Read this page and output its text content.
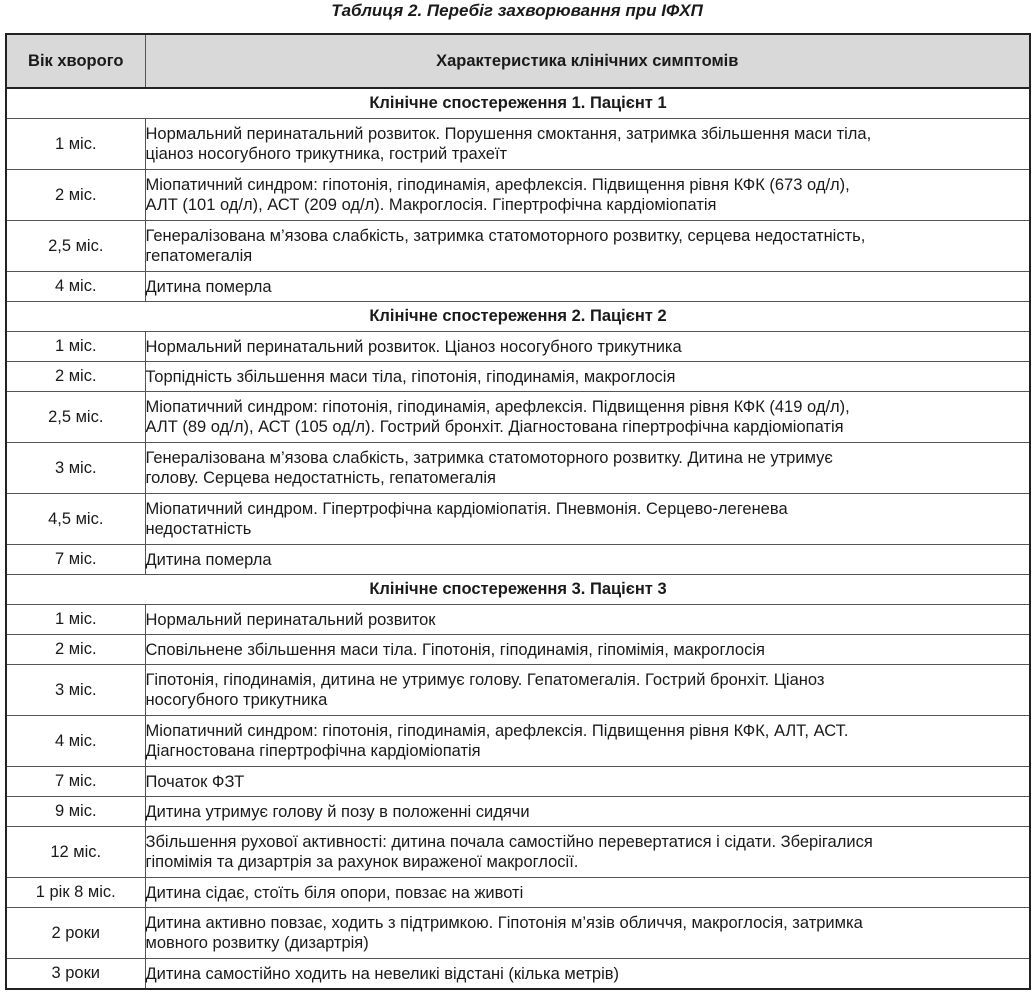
Таблиця 2. Перебіг захворювання при ІФХП
Вік хворого	Характеристика клінічних симптомів
Клінічне спостереження 1. Пацієнт 1	
1 міс.	Нормальний перинатальний розвиток. Порушення смоктання, затримка збільшення маси тіла,
ціаноз носогубного трикутника, гострий трахеїт

2 міс.	Міопатичний синдром: гіпотонія, гіподинамія, арефлексія. Підвищення рівня КФК (673 од/л),
АЛТ (101 од/л), АСТ (209 од/л). Макроглосія. Гіпертрофічна кардіоміопатія

2,5 міс.	Генералізована м’язова слабкість, затримка статомоторного розвитку, серцева недостатність,
гепатомегалія

4 міс.	Дитина померла

Клінічне спостереження 2. Пацієнт 2	
1 міс.	Нормальний перинатальний розвиток. Ціаноз носогубного трикутника

2 міс.	Торпідність збільшення маси тіла, гіпотонія, гіподинамія, макроглосія

2,5 міс.	Міопатичний синдром: гіпотонія, гіподинамія, арефлексія. Підвищення рівня КФК (419 од/л),
АЛТ (89 од/л), АСТ (105 од/л). Гострий бронхіт. Діагностована гіпертрофічна кардіоміопатія

3 міс.	Генералізована м’язова слабкість, затримка статомоторного розвитку. Дитина не утримує
голову. Серцева недостатність, гепатомегалія

4,5 міс.	Міопатичний синдром. Гіпертрофічна кардіоміопатія. Пневмонія. Серцево-легенева
недостатність

7 міс.	Дитина померла

Клінічне спостереження 3. Пацієнт 3	
1 міс.	Нормальний перинатальний розвиток

2 міс.	Сповільнене збільшення маси тіла. Гіпотонія, гіподинамія, гіпомімія, макроглосія

3 міс.	Гіпотонія, гіподинамія, дитина не утримує голову. Гепатомегалія. Гострий бронхіт. Ціаноз
носогубного трикутника

4 міс.	Міопатичний синдром: гіпотонія, гіподинамія, арефлексія. Підвищення рівня КФК, АЛТ, АСТ.
Діагностована гіпертрофічна кардіоміопатія

7 міс.	Початок ФЗТ

9 міс.	Дитина утримує голову й позу в положенні сидячи

12 міс.	Збільшення рухової активності: дитина почала самостійно перевертатися і сідати. Зберігалися
гіпомімія та дизартрія за рахунок вираженої макроглосії.

1 рік 8 міс.	Дитина сідає, стоїть біля опори, повзає на животі

2 роки	Дитина активно повзає, ходить з підтримкою. Гіпотонія м’язів обличчя, макроглосія, затримка
мовного розвитку (дизартрія)

3 роки	Дитина самостійно ходить на невеликі відстані (кілька метрів)
